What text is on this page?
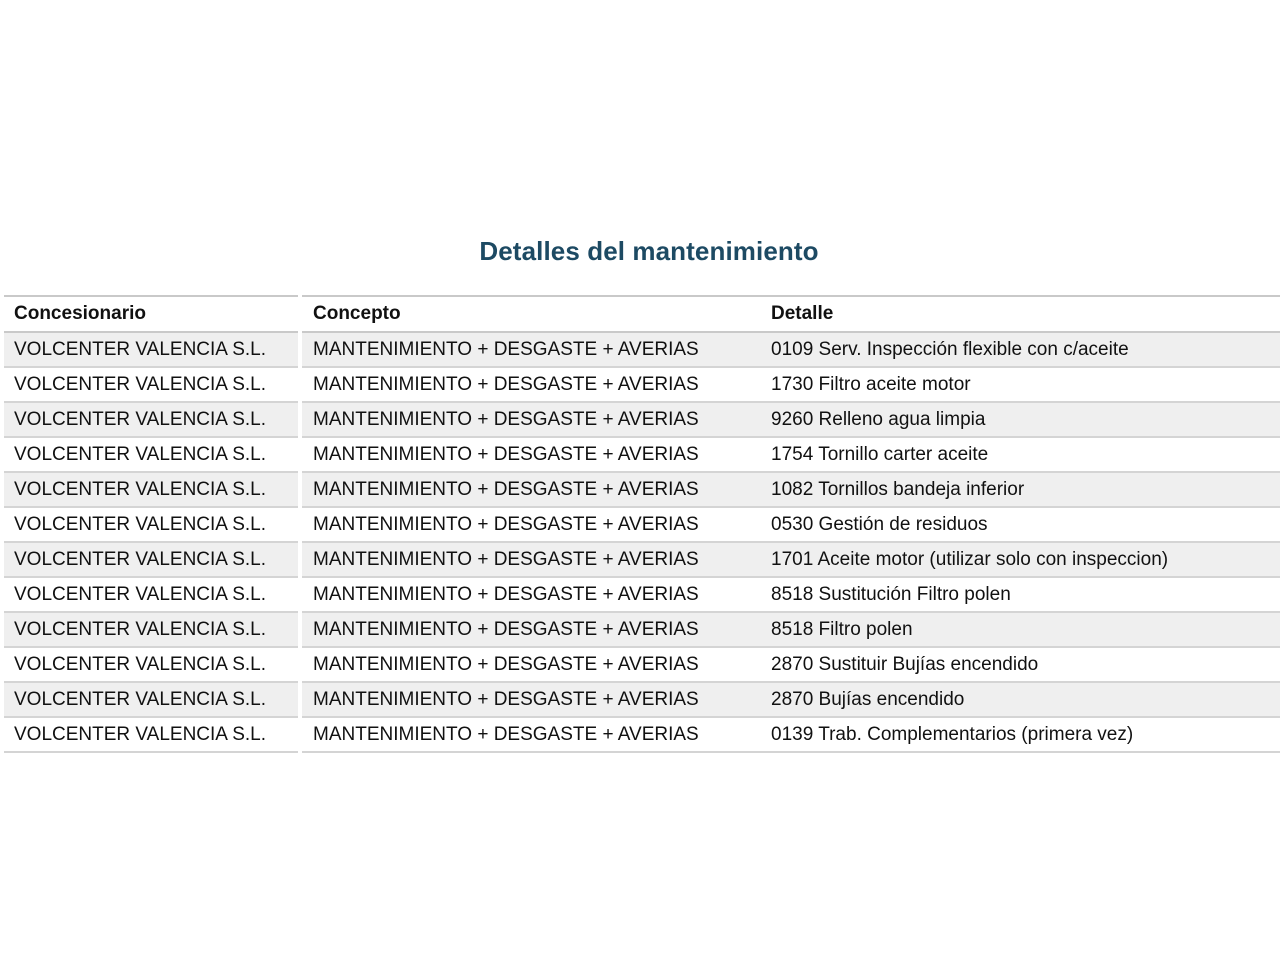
Detalles del mantenimiento
Concesionario	Concepto	Detalle
VOLCENTER VALENCIA S.L.	MANTENIMIENTO + DESGASTE + AVERIAS	0109 Serv. Inspección flexible con c/aceite
VOLCENTER VALENCIA S.L.	MANTENIMIENTO + DESGASTE + AVERIAS	1730 Filtro aceite motor
VOLCENTER VALENCIA S.L.	MANTENIMIENTO + DESGASTE + AVERIAS	9260 Relleno agua limpia
VOLCENTER VALENCIA S.L.	MANTENIMIENTO + DESGASTE + AVERIAS	1754 Tornillo carter aceite
VOLCENTER VALENCIA S.L.	MANTENIMIENTO + DESGASTE + AVERIAS	1082 Tornillos bandeja inferior
VOLCENTER VALENCIA S.L.	MANTENIMIENTO + DESGASTE + AVERIAS	0530 Gestión de residuos
VOLCENTER VALENCIA S.L.	MANTENIMIENTO + DESGASTE + AVERIAS	1701 Aceite motor (utilizar solo con inspeccion)
VOLCENTER VALENCIA S.L.	MANTENIMIENTO + DESGASTE + AVERIAS	8518 Sustitución Filtro polen
VOLCENTER VALENCIA S.L.	MANTENIMIENTO + DESGASTE + AVERIAS	8518 Filtro polen
VOLCENTER VALENCIA S.L.	MANTENIMIENTO + DESGASTE + AVERIAS	2870 Sustituir Bujías encendido
VOLCENTER VALENCIA S.L.	MANTENIMIENTO + DESGASTE + AVERIAS	2870 Bujías encendido
VOLCENTER VALENCIA S.L.	MANTENIMIENTO + DESGASTE + AVERIAS	0139 Trab. Complementarios (primera vez)
